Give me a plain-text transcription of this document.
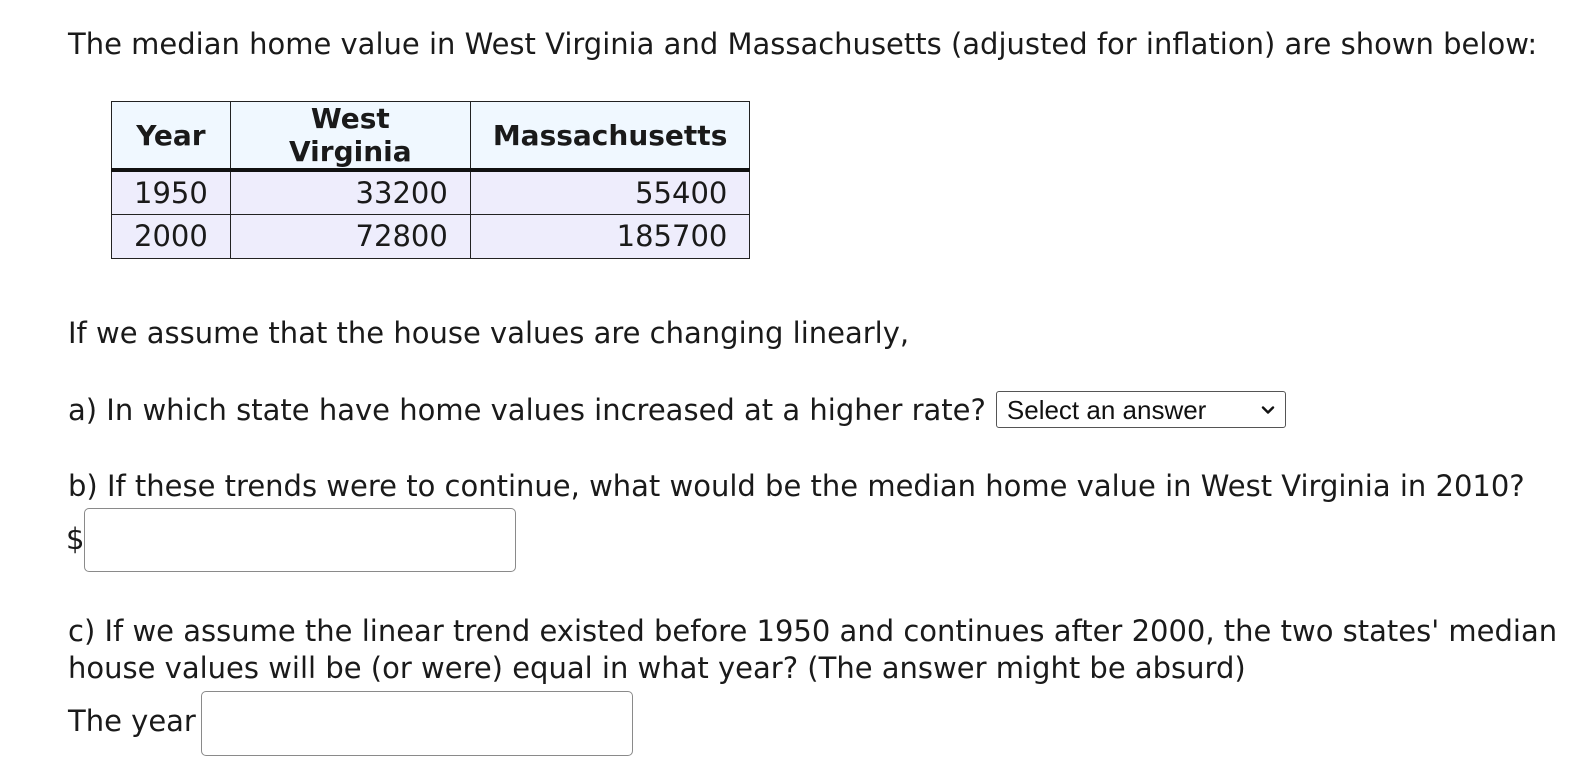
The median home value in West Virginia and Massachusetts (adjusted for inflation) are shown below:
Year	West Virginia	Massachusetts
1950	33200	55400
2000	72800	185700
If we assume that the house values are changing linearly,
a) In which state have home values increased at a higher rate? Select an answer
b) If these trends were to continue, what would be the median home value in West Virginia in 2010?
$
c) If we assume the linear trend existed before 1950 and continues after 2000, the two states' median
house values will be (or were) equal in what year? (The answer might be absurd)
The year
